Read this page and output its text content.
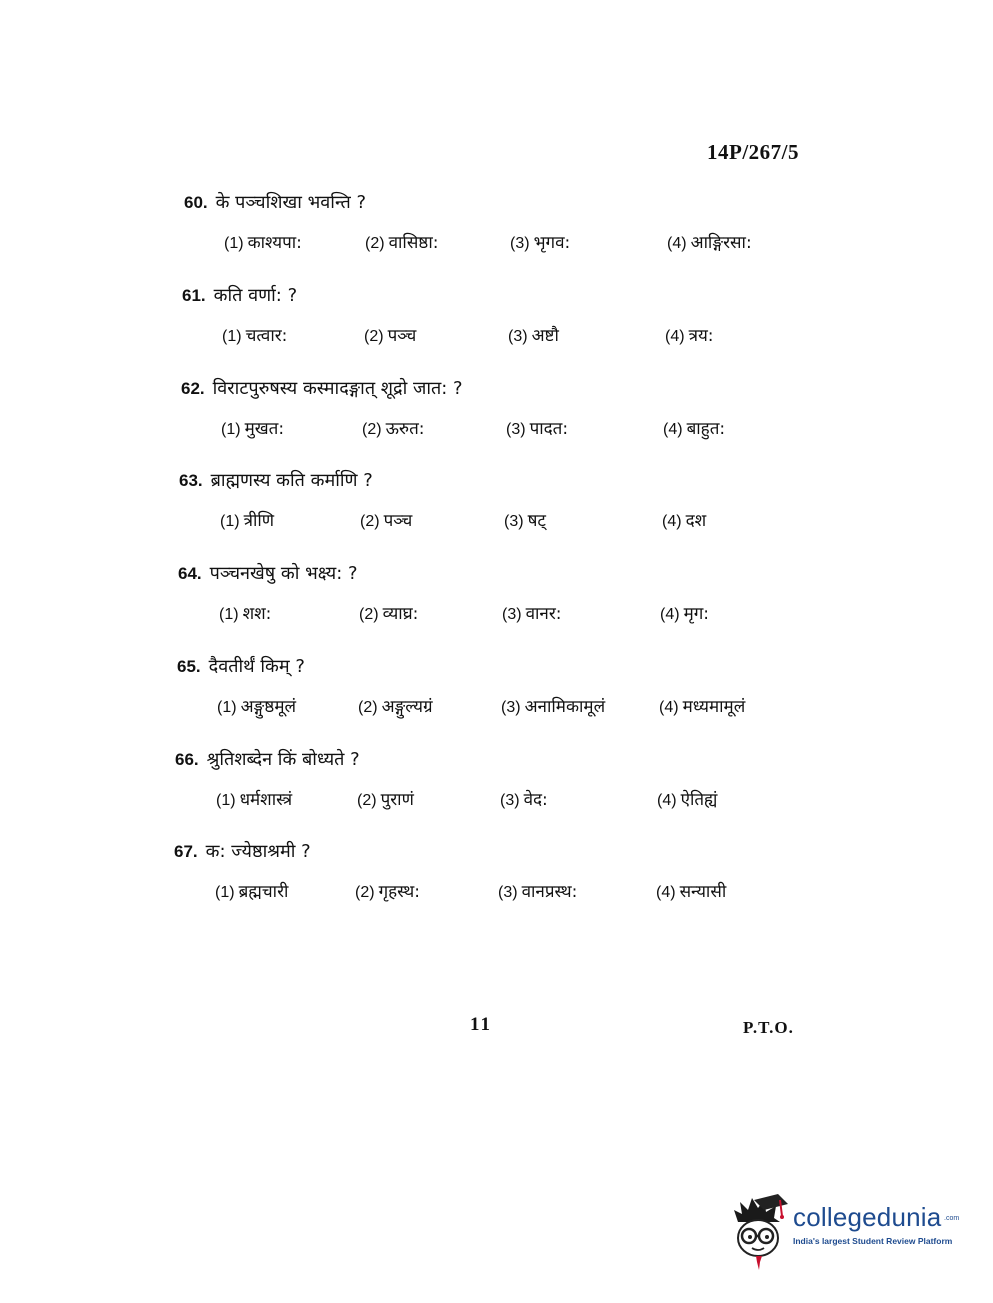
14P/267/5
60. के पञ्चशिखा भवन्ति ?
(1) काश्यपा:	(2) वासिष्ठा:	(3) भृगव:	(4) आङ्गिरसा:
61. कति वर्णा: ?
(1) चत्वार:	(2) पञ्च	(3) अष्टौ	(4) त्रय:
62. विराटपुरुषस्य कस्मादङ्गात् शूद्रो जात: ?
(1) मुखत:	(2) ऊरुत:	(3) पादत:	(4) बाहुत:
63. ब्राह्मणस्य कति कर्माणि ?
(1) त्रीणि	(2) पञ्च	(3) षट्	(4) दश
64. पञ्चनखेषु को भक्ष्य: ?
(1) शश:	(2) व्याघ्र:	(3) वानर:	(4) मृग:
65. दैवतीर्थं किम् ?
(1) अङ्गुष्ठमूलं	(2) अङ्गुल्यग्रं	(3) अनामिकामूलं	(4) मध्यमामूलं
66. श्रुतिशब्देन किं बोध्यते ?
(1) धर्मशास्त्रं	(2) पुराणं	(3) वेद:	(4) ऐतिह्यं
67. क: ज्येष्ठाश्रमी ?
(1) ब्रह्मचारी	(2) गृहस्थ:	(3) वानप्रस्थ:	(4) सन्यासी
11	P.T.O.
collegedunia .com
India's largest Student Review Platform
